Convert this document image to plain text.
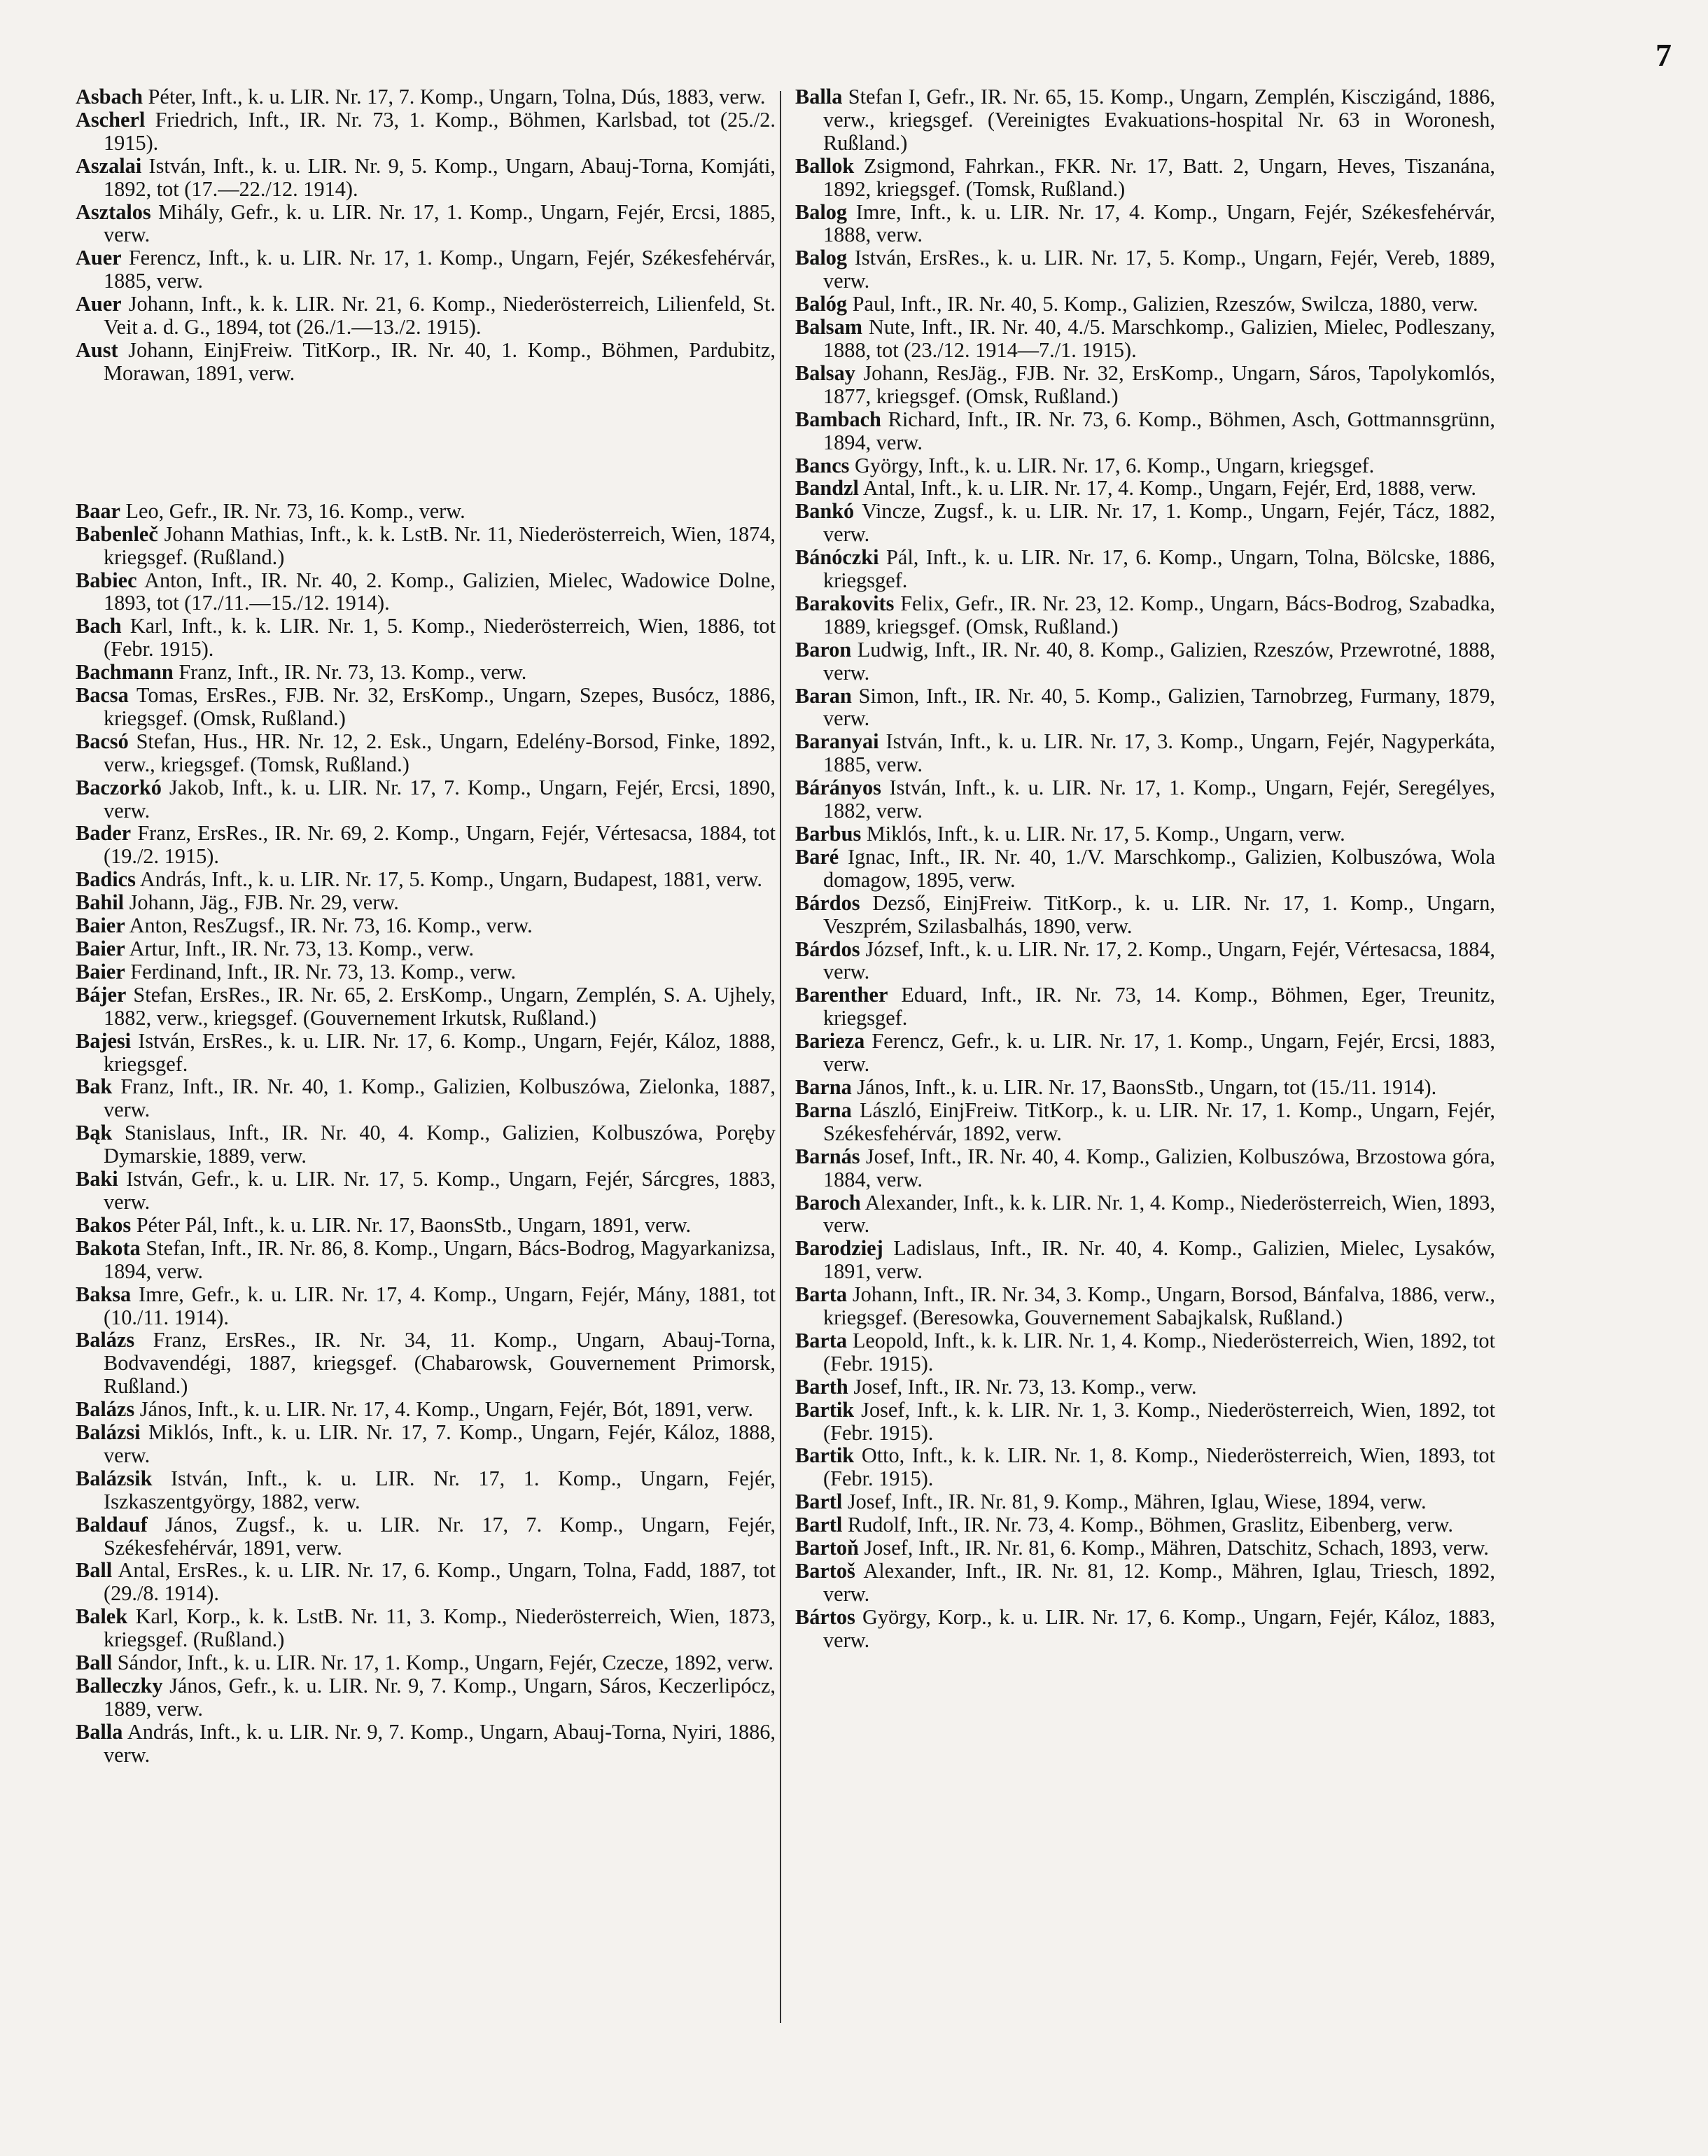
7
Asbach Péter, Inft., k. u. LIR. Nr. 17, 7. Komp., Ungarn, Tolna, Dús, 1883, verw.
Ascherl Friedrich, Inft., IR. Nr. 73, 1. Komp., Böhmen, Karlsbad, tot (25./2. 1915).
Aszalai István, Inft., k. u. LIR. Nr. 9, 5. Komp., Ungarn, Abauj-Torna, Komjáti, 1892, tot (17.—22./12. 1914).
Asztalos Mihály, Gefr., k. u. LIR. Nr. 17, 1. Komp., Ungarn, Fejér, Ercsi, 1885, verw.
Auer Ferencz, Inft., k. u. LIR. Nr. 17, 1. Komp., Ungarn, Fejér, Székesfehérvár, 1885, verw.
Auer Johann, Inft., k. k. LIR. Nr. 21, 6. Komp., Niederösterreich, Lilienfeld, St. Veit a. d. G., 1894, tot (26./1.—13./2. 1915).
Aust Johann, EinjFreiw. TitKorp., IR. Nr. 40, 1. Komp., Böhmen, Pardubitz, Morawan, 1891, verw.
Baar Leo, Gefr., IR. Nr. 73, 16. Komp., verw.
Babenleč Johann Mathias, Inft., k. k. LstB. Nr. 11, Niederösterreich, Wien, 1874, kriegsgef. (Rußland.)
Babiec Anton, Inft., IR. Nr. 40, 2. Komp., Galizien, Mielec, Wadowice Dolne, 1893, tot (17./11.—15./12. 1914).
Bach Karl, Inft., k. k. LIR. Nr. 1, 5. Komp., Niederösterreich, Wien, 1886, tot (Febr. 1915).
Bachmann Franz, Inft., IR. Nr. 73, 13. Komp., verw.
Bacsa Tomas, ErsRes., FJB. Nr. 32, ErsKomp., Ungarn, Szepes, Busócz, 1886, kriegsgef. (Omsk, Rußland.)
Bacsó Stefan, Hus., HR. Nr. 12, 2. Esk., Ungarn, Edelény-Borsod, Finke, 1892, verw., kriegsgef. (Tomsk, Rußland.)
Baczorkó Jakob, Inft., k. u. LIR. Nr. 17, 7. Komp., Ungarn, Fejér, Ercsi, 1890, verw.
Bader Franz, ErsRes., IR. Nr. 69, 2. Komp., Ungarn, Fejér, Vértesacsa, 1884, tot (19./2. 1915).
Badics András, Inft., k. u. LIR. Nr. 17, 5. Komp., Ungarn, Budapest, 1881, verw.
Bahil Johann, Jäg., FJB. Nr. 29, verw.
Baier Anton, ResZugsf., IR. Nr. 73, 16. Komp., verw.
Baier Artur, Inft., IR. Nr. 73, 13. Komp., verw.
Baier Ferdinand, Inft., IR. Nr. 73, 13. Komp., verw.
Bájer Stefan, ErsRes., IR. Nr. 65, 2. ErsKomp., Ungarn, Zemplén, S. A. Ujhely, 1882, verw., kriegsgef. (Gouvernement Irkutsk, Rußland.)
Bajesi István, ErsRes., k. u. LIR. Nr. 17, 6. Komp., Ungarn, Fejér, Káloz, 1888, kriegsgef.
Bak Franz, Inft., IR. Nr. 40, 1. Komp., Galizien, Kolbuszówa, Zielonka, 1887, verw.
Bąk Stanislaus, Inft., IR. Nr. 40, 4. Komp., Galizien, Kolbuszówa, Poręby Dymarskie, 1889, verw.
Baki István, Gefr., k. u. LIR. Nr. 17, 5. Komp., Ungarn, Fejér, Sárcgres, 1883, verw.
Bakos Péter Pál, Inft., k. u. LIR. Nr. 17, BaonsStb., Ungarn, 1891, verw.
Bakota Stefan, Inft., IR. Nr. 86, 8. Komp., Ungarn, Bács-Bodrog, Magyarkanizsa, 1894, verw.
Baksa Imre, Gefr., k. u. LIR. Nr. 17, 4. Komp., Ungarn, Fejér, Mány, 1881, tot (10./11. 1914).
Balázs Franz, ErsRes., IR. Nr. 34, 11. Komp., Ungarn, Abauj-Torna, Bodvavendégi, 1887, kriegsgef. (Chabarowsk, Gouvernement Primorsk, Rußland.)
Balázs János, Inft., k. u. LIR. Nr. 17, 4. Komp., Ungarn, Fejér, Bót, 1891, verw.
Balázsi Miklós, Inft., k. u. LIR. Nr. 17, 7. Komp., Ungarn, Fejér, Káloz, 1888, verw.
Balázsik István, Inft., k. u. LIR. Nr. 17, 1. Komp., Ungarn, Fejér, Iszkaszentgyörgy, 1882, verw.
Baldauf János, Zugsf., k. u. LIR. Nr. 17, 7. Komp., Ungarn, Fejér, Székesfehérvár, 1891, verw.
Ball Antal, ErsRes., k. u. LIR. Nr. 17, 6. Komp., Ungarn, Tolna, Fadd, 1887, tot (29./8. 1914).
Balek Karl, Korp., k. k. LstB. Nr. 11, 3. Komp., Niederösterreich, Wien, 1873, kriegsgef. (Rußland.)
Ball Sándor, Inft., k. u. LIR. Nr. 17, 1. Komp., Ungarn, Fejér, Czecze, 1892, verw.
Balleczky János, Gefr., k. u. LIR. Nr. 9, 7. Komp., Ungarn, Sáros, Keczerlipócz, 1889, verw.
Balla András, Inft., k. u. LIR. Nr. 9, 7. Komp., Ungarn, Abauj-Torna, Nyiri, 1886, verw.
Balla Stefan I, Gefr., IR. Nr. 65, 15. Komp., Ungarn, Zemplén, Kisczigánd, 1886, verw., kriegsgef. (Vereinigtes Evakuations-hospital Nr. 63 in Woronesh, Rußland.)
Ballok Zsigmond, Fahrkan., FKR. Nr. 17, Batt. 2, Ungarn, Heves, Tiszanána, 1892, kriegsgef. (Tomsk, Rußland.)
Balog Imre, Inft., k. u. LIR. Nr. 17, 4. Komp., Ungarn, Fejér, Székesfehérvár, 1888, verw.
Balog István, ErsRes., k. u. LIR. Nr. 17, 5. Komp., Ungarn, Fejér, Vereb, 1889, verw.
Balóg Paul, Inft., IR. Nr. 40, 5. Komp., Galizien, Rzeszów, Swilcza, 1880, verw.
Balsam Nute, Inft., IR. Nr. 40, 4./5. Marschkomp., Galizien, Mielec, Podleszany, 1888, tot (23./12. 1914—7./1. 1915).
Balsay Johann, ResJäg., FJB. Nr. 32, ErsKomp., Ungarn, Sáros, Tapolykomlós, 1877, kriegsgef. (Omsk, Rußland.)
Bambach Richard, Inft., IR. Nr. 73, 6. Komp., Böhmen, Asch, Gottmannsgrünn, 1894, verw.
Bancs György, Inft., k. u. LIR. Nr. 17, 6. Komp., Ungarn, kriegsgef.
Bandzl Antal, Inft., k. u. LIR. Nr. 17, 4. Komp., Ungarn, Fejér, Erd, 1888, verw.
Bankó Vincze, Zugsf., k. u. LIR. Nr. 17, 1. Komp., Ungarn, Fejér, Tácz, 1882, verw.
Bánóczki Pál, Inft., k. u. LIR. Nr. 17, 6. Komp., Ungarn, Tolna, Bölcske, 1886, kriegsgef.
Barakovits Felix, Gefr., IR. Nr. 23, 12. Komp., Ungarn, Bács-Bodrog, Szabadka, 1889, kriegsgef. (Omsk, Rußland.)
Baron Ludwig, Inft., IR. Nr. 40, 8. Komp., Galizien, Rzeszów, Przewrotné, 1888, verw.
Baran Simon, Inft., IR. Nr. 40, 5. Komp., Galizien, Tarnobrzeg, Furmany, 1879, verw.
Baranyai István, Inft., k. u. LIR. Nr. 17, 3. Komp., Ungarn, Fejér, Nagyperkáta, 1885, verw.
Bárányos István, Inft., k. u. LIR. Nr. 17, 1. Komp., Ungarn, Fejér, Seregélyes, 1882, verw.
Barbus Miklós, Inft., k. u. LIR. Nr. 17, 5. Komp., Ungarn, verw.
Baré Ignac, Inft., IR. Nr. 40, 1./V. Marschkomp., Galizien, Kolbuszówa, Wola domagow, 1895, verw.
Bárdos Dezső, EinjFreiw. TitKorp., k. u. LIR. Nr. 17, 1. Komp., Ungarn, Veszprém, Szilasbalhás, 1890, verw.
Bárdos József, Inft., k. u. LIR. Nr. 17, 2. Komp., Ungarn, Fejér, Vértesacsa, 1884, verw.
Barenther Eduard, Inft., IR. Nr. 73, 14. Komp., Böhmen, Eger, Treunitz, kriegsgef.
Barieza Ferencz, Gefr., k. u. LIR. Nr. 17, 1. Komp., Ungarn, Fejér, Ercsi, 1883, verw.
Barna János, Inft., k. u. LIR. Nr. 17, BaonsStb., Ungarn, tot (15./11. 1914).
Barna László, EinjFreiw. TitKorp., k. u. LIR. Nr. 17, 1. Komp., Ungarn, Fejér, Székesfehérvár, 1892, verw.
Barnás Josef, Inft., IR. Nr. 40, 4. Komp., Galizien, Kolbuszówa, Brzostowa góra, 1884, verw.
Baroch Alexander, Inft., k. k. LIR. Nr. 1, 4. Komp., Niederösterreich, Wien, 1893, verw.
Barodziej Ladislaus, Inft., IR. Nr. 40, 4. Komp., Galizien, Mielec, Lysaków, 1891, verw.
Barta Johann, Inft., IR. Nr. 34, 3. Komp., Ungarn, Borsod, Bánfalva, 1886, verw., kriegsgef. (Beresowka, Gouvernement Sabajkalsk, Rußland.)
Barta Leopold, Inft., k. k. LIR. Nr. 1, 4. Komp., Niederösterreich, Wien, 1892, tot (Febr. 1915).
Barth Josef, Inft., IR. Nr. 73, 13. Komp., verw.
Bartik Josef, Inft., k. k. LIR. Nr. 1, 3. Komp., Niederösterreich, Wien, 1892, tot (Febr. 1915).
Bartik Otto, Inft., k. k. LIR. Nr. 1, 8. Komp., Niederösterreich, Wien, 1893, tot (Febr. 1915).
Bartl Josef, Inft., IR. Nr. 81, 9. Komp., Mähren, Iglau, Wiese, 1894, verw.
Bartl Rudolf, Inft., IR. Nr. 73, 4. Komp., Böhmen, Graslitz, Eibenberg, verw.
Bartoň Josef, Inft., IR. Nr. 81, 6. Komp., Mähren, Datschitz, Schach, 1893, verw.
Bartoš Alexander, Inft., IR. Nr. 81, 12. Komp., Mähren, Iglau, Triesch, 1892, verw.
Bártos György, Korp., k. u. LIR. Nr. 17, 6. Komp., Ungarn, Fejér, Káloz, 1883, verw.
